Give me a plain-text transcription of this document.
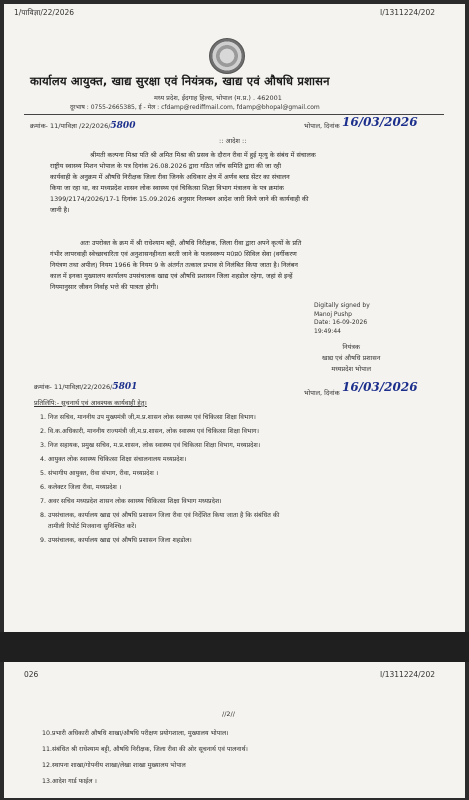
1/पाविज्ञा/22/2026	I/1311224/202
कार्यालय आयुक्त, खाद्य सुरक्षा एवं नियंत्रक, खाद्य एवं औषधि प्रशासन
मध्य प्रदेश, ईदगाह हिल्स, भोपाल (म.प्र.) . 462001
दूरभाष : 0755-2665385, ई - मेल : cfdamp@rediffmail.com, fdamp@bhopal@gmail.com
क्रमांक- 11/पाविज्ञा /22/2026/5800	भोपाल, दिनांक 16/03/2026
:: आदेश ::
श्रीमती कल्पना मिश्रा पति श्री अमित मिश्रा की प्रसव के दौरान रीवा में हुई मृत्यु के संबंध में संचालक
राष्ट्रीय स्वास्थ्य मिशन भोपाल के पत्र दिनांक 26.08.2026 द्वारा गठित जाँच समिति द्वारा की जा रही
कार्यवाही के अनुक्रम में औषधि निरीक्षक जिला रीवा जिनके अधिकार क्षेत्र में अर्णव ब्लड सेंटर का संचालन
किया जा रहा था, का मध्यप्रदेश शासन लोक स्वास्थ्य एवं चिकित्सा शिक्षा विभाग मंत्रालय के पत्र क्रमांक
1399/2174/2026/17-1 दिनांक 15.09.2026 अनुसार निलम्बन आदेश जारी किये जाने की कार्यवाही की
जानी है।
अतः उपरोक्त के क्रम में श्री राधेश्याम बट्टी, औषधि निरीक्षक, जिला रीवा द्वारा अपने कृत्यों के प्रति
गंभीर लापरवाही स्वेच्छाचारिता एवं अनुशासनहीनता बरती जाने के फलस्वरूप म0प्र0 सिविल सेवा (वर्गीकरण
नियंत्रण तथा अपील) नियम 1966 के नियम 9 के अंतर्गत तत्काल प्रभाव से निलंबित किया जाता है। निलंबन
काल में इनका मुख्यालय कार्यालय उपसंचालक खाद्य एवं औषधि प्रशासन जिला शहडोल रहेगा, जहां से इन्हें
नियमानुसार जीवन निर्वाह भत्ते की पात्रता होगी।
Digitally signed by
Manoj Pushp
Date: 16-09-2026
19:49:44
नियंत्रक
खाद्य एवं औषधि प्रशासन
मध्यप्रदेश भोपाल
क्रमांक- 11/पाविज्ञा/22/2026/5801
भोपाल, दिनांक 16/03/2026
प्रतिलिपि:- सूचनार्थ एवं आवश्यक कार्यवाही हेतु।
1. निज सचिव, माननीय उप मुख्यमंत्री जी,म.प्र.शासन लोक स्वास्थ्य एवं चिकित्सा शिक्षा विभाग।
2. वि.क.अधिकारी, माननीय राज्यमंत्री जी,म.प्र.शासन, लोक स्वास्थ्य एवं चिकित्सा शिक्षा विभाग।
3. निज सहायक, प्रमुख सचिव, म.प्र.शासन, लोक स्वास्थ्य एवं चिकित्सा शिक्षा विभाग, मध्यप्रदेश।
4. आयुक्त लोक स्वास्थ्य चिकित्सा शिक्षा संचालनालय मध्यप्रदेश।
5. संभागीय आयुक्त, रीवा संभाग, रीवा, मध्यप्रदेश ।
6. कलेक्टर जिला रीवा, मध्यप्रदेश ।
7. अवर सचिव मध्यप्रदेश शासन लोक स्वास्थ्य चिकित्सा शिक्षा विभाग मध्यप्रदेश।
8. उपसंचालक, कार्यालय खाद्य एवं औषधि प्रशासन जिला रीवा एवं निर्देशित किया जाता है कि संबंधित की
तामीली रिपोर्ट मिजवाना सुनिश्चित करें।
9. उपसंचालक, कार्यालय खाद्य एवं औषधि प्रशासन जिला शहडोल।
026	I/1311224/202
//2//
10.प्रभारी अधिकारी औषधि शाखा/औषधि परीक्षण प्रयोगशाला, मुख्यालय भोपाल।
11.संबंधित श्री राधेश्याम बट्टी, औषधि निरीक्षक, जिला रीवा की ओर सूचनार्थ एवं पालनार्थ।
12.स्थापना शाखा/गोपनीय शाखा/लेखा शाखा मुख्यालय भोपाल
13.आदेश गार्ड फाईल ।
